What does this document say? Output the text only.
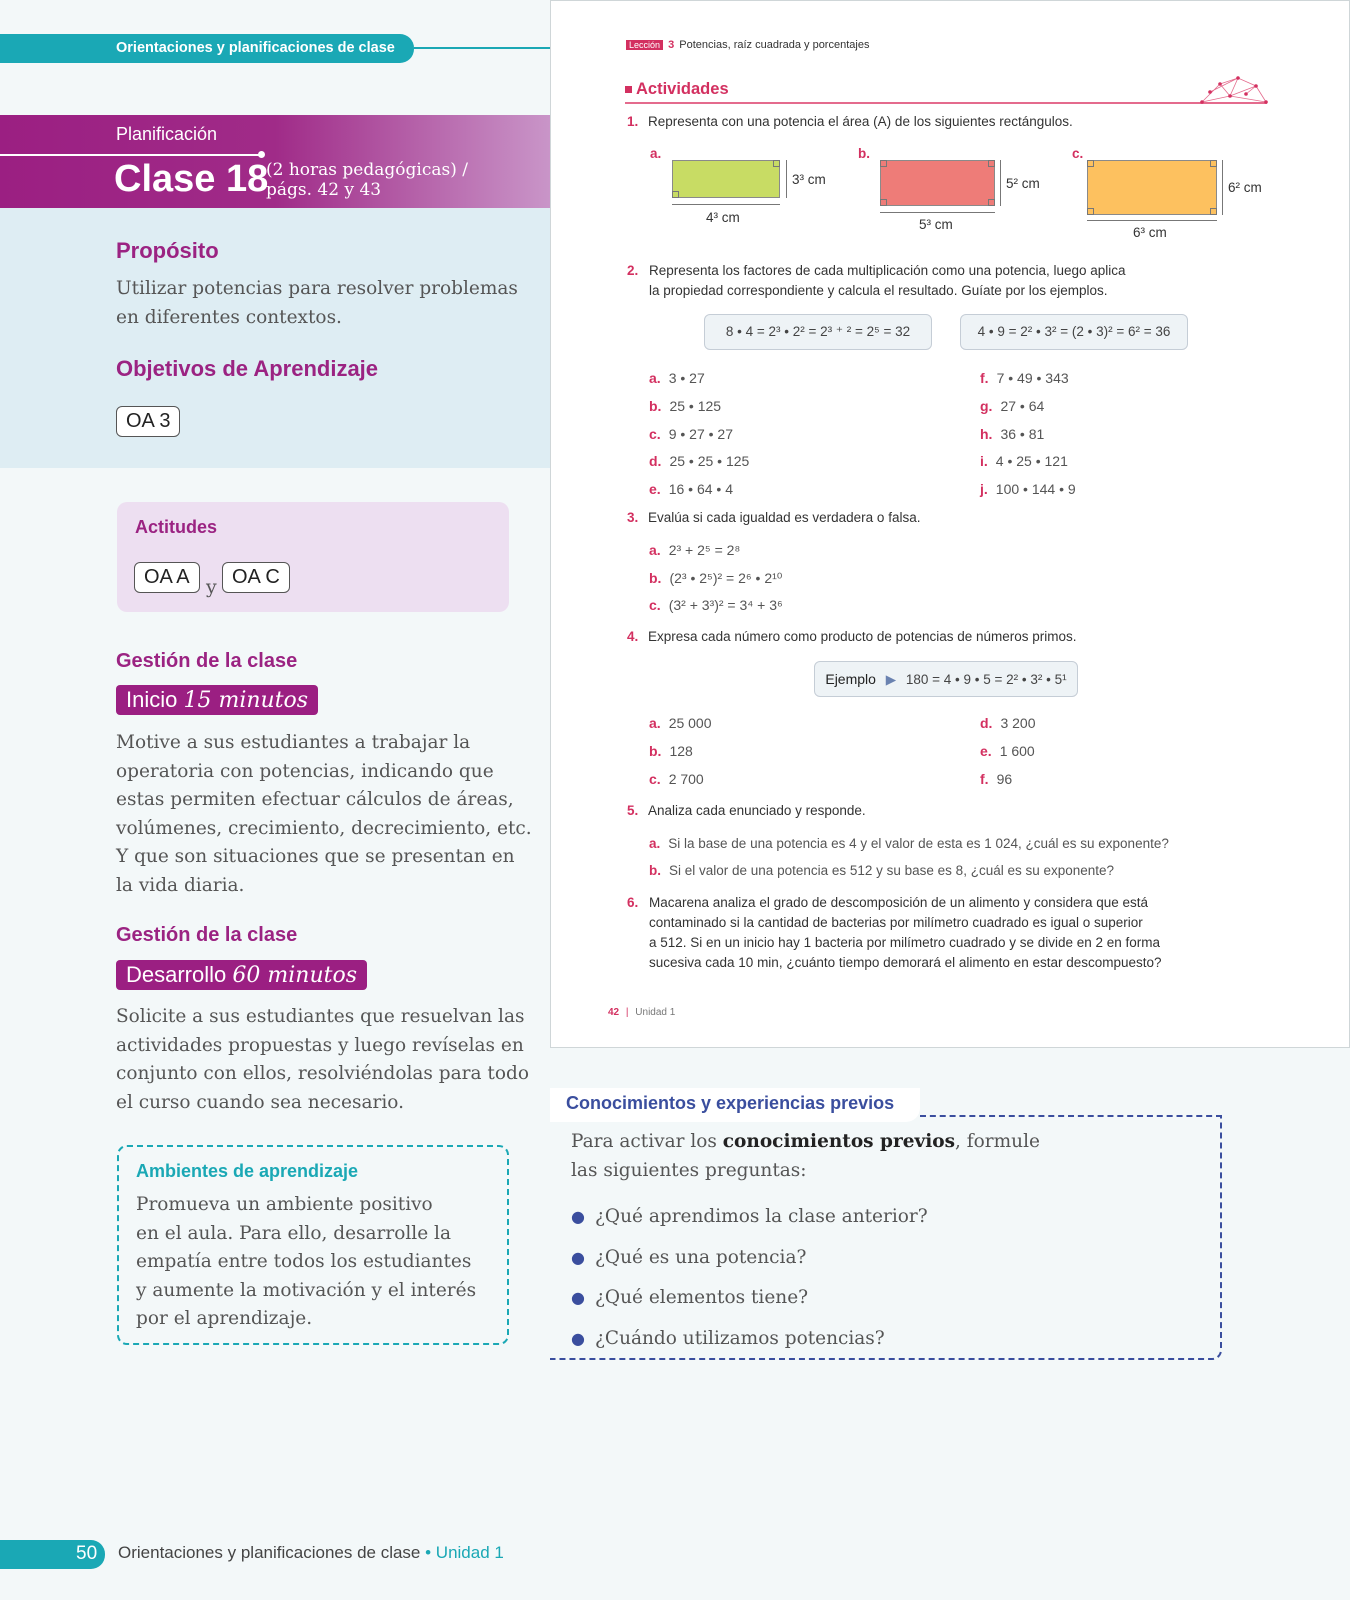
Orientaciones y planificaciones de clase
Planificación
Clase 18
(2 horas pedagógicas) /
págs. 42 y 43
Propósito
Utilizar potencias para resolver problemas
en diferentes contextos.
Objetivos de Aprendizaje
OA 3
Actitudes
OA A y OA C
Gestión de la clase
Inicio 15 minutos
Motive a sus estudiantes a trabajar la
operatoria con potencias, indicando que
estas permiten efectuar cálculos de áreas,
volúmenes, crecimiento, decrecimiento, etc.
Y que son situaciones que se presentan en
la vida diaria.
Gestión de la clase
Desarrollo 60 minutos
Solicite a sus estudiantes que resuelvan las
actividades propuestas y luego revíselas en
conjunto con ellos, resolviéndolas para todo
el curso cuando sea necesario.
Ambientes de aprendizaje
Promueva un ambiente positivo
en el aula. Para ello, desarrolle la
empatía entre todos los estudiantes
y aumente la motivación y el interés
por el aprendizaje.
Lección 3 Potencias, raíz cuadrada y porcentajes
Actividades
1. Representa con una potencia el área (A) de los siguientes rectángulos.
a.
3³ cm
4³ cm
b.
5² cm
5³ cm
c.
6² cm
6³ cm
2. Representa los factores de cada multiplicación como una potencia, luego aplica
la propiedad correspondiente y calcula el resultado. Guíate por los ejemplos.
8 • 4 = 2³ • 2² = 2³ ⁺ ² = 2⁵ = 32	4 • 9 = 2² • 3² = (2 • 3)² = 6² = 36
a. 3 • 27
b. 25 • 125
c. 9 • 27 • 27
d. 25 • 25 • 125
e. 16 • 64 • 4
f. 7 • 49 • 343
g. 27 • 64
h. 36 • 81
i. 4 • 25 • 121
j. 100 • 144 • 9
3. Evalúa si cada igualdad es verdadera o falsa.
a. 2³ + 2⁵ = 2⁸
b. (2³ • 2⁵)² = 2⁶ • 2¹⁰
c. (3² + 3³)² = 3⁴ + 3⁶
4. Expresa cada número como producto de potencias de números primos.
Ejemplo ▶ 180 = 4 • 9 • 5 = 2² • 3² • 5¹
a. 25 000
b. 128
c. 2 700
d. 3 200
e. 1 600
f. 96
5. Analiza cada enunciado y responde.
a. Si la base de una potencia es 4 y el valor de esta es 1 024, ¿cuál es su exponente?
b. Si el valor de una potencia es 512 y su base es 8, ¿cuál es su exponente?
6. Macarena analiza el grado de descomposición de un alimento y considera que está
contaminado si la cantidad de bacterias por milímetro cuadrado es igual o superior
a 512. Si en un inicio hay 1 bacteria por milímetro cuadrado y se divide en 2 en forma
sucesiva cada 10 min, ¿cuánto tiempo demorará el alimento en estar descompuesto?
42 | Unidad 1
Conocimientos y experiencias previos
Para activar los conocimientos previos, formule
las siguientes preguntas:
● ¿Qué aprendimos la clase anterior?
● ¿Qué es una potencia?
● ¿Qué elementos tiene?
● ¿Cuándo utilizamos potencias?
50	Orientaciones y planificaciones de clase • Unidad 1
